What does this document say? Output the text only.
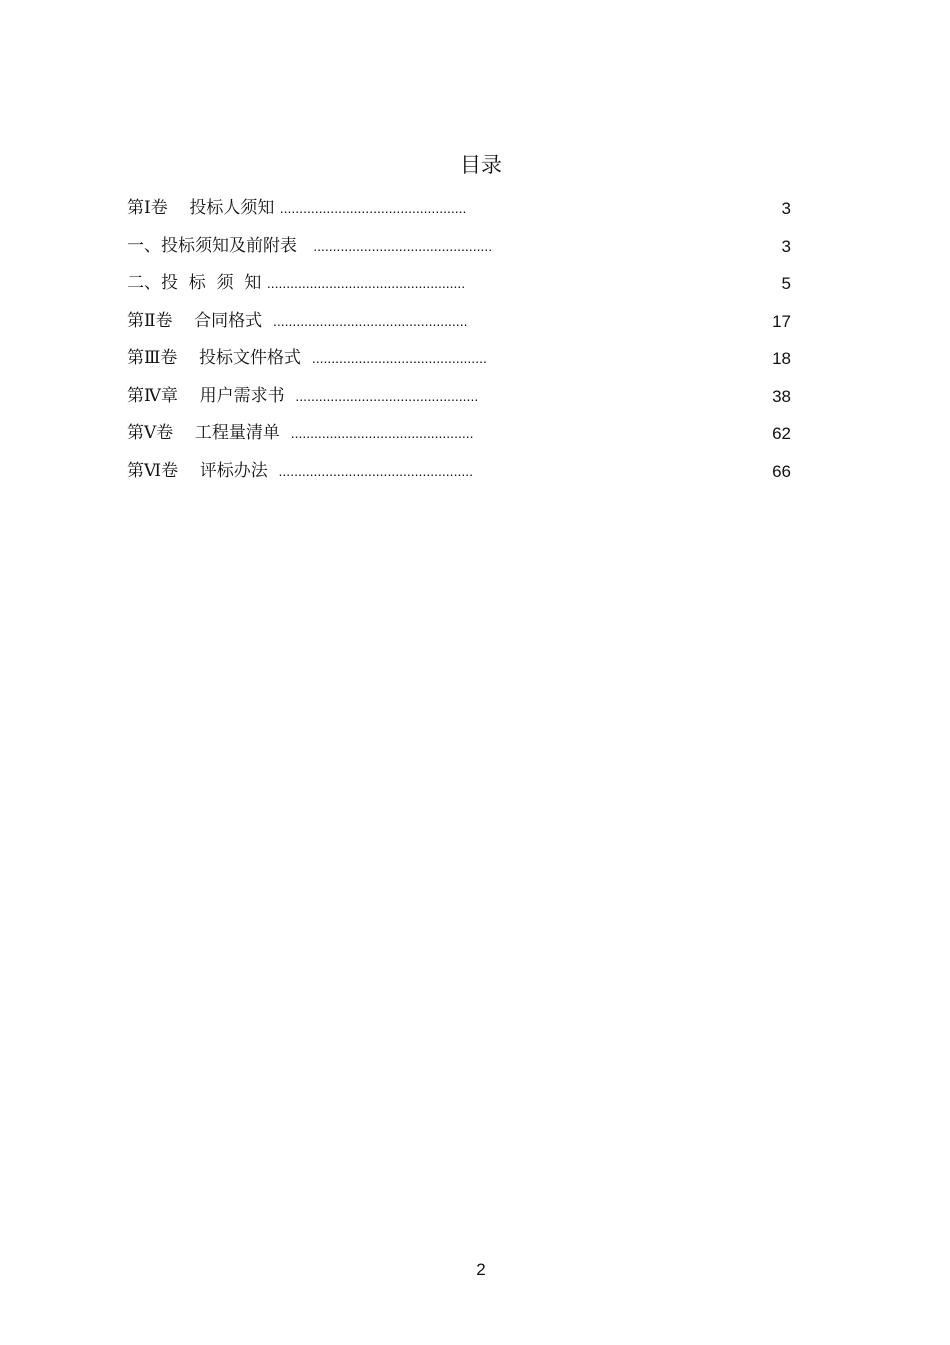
目录
第Ⅰ卷    投标人须知 ................................................	3
一、投标须知及前附表   ..............................................	3
二、投  标  须  知 ...................................................	5
第Ⅱ卷    合同格式  ..................................................	17
第Ⅲ卷    投标文件格式  .............................................	18
第Ⅳ章    用户需求书  ...............................................	38
第Ⅴ卷    工程量清单  ...............................................	62
第Ⅵ卷    评标办法  ..................................................	66
2
